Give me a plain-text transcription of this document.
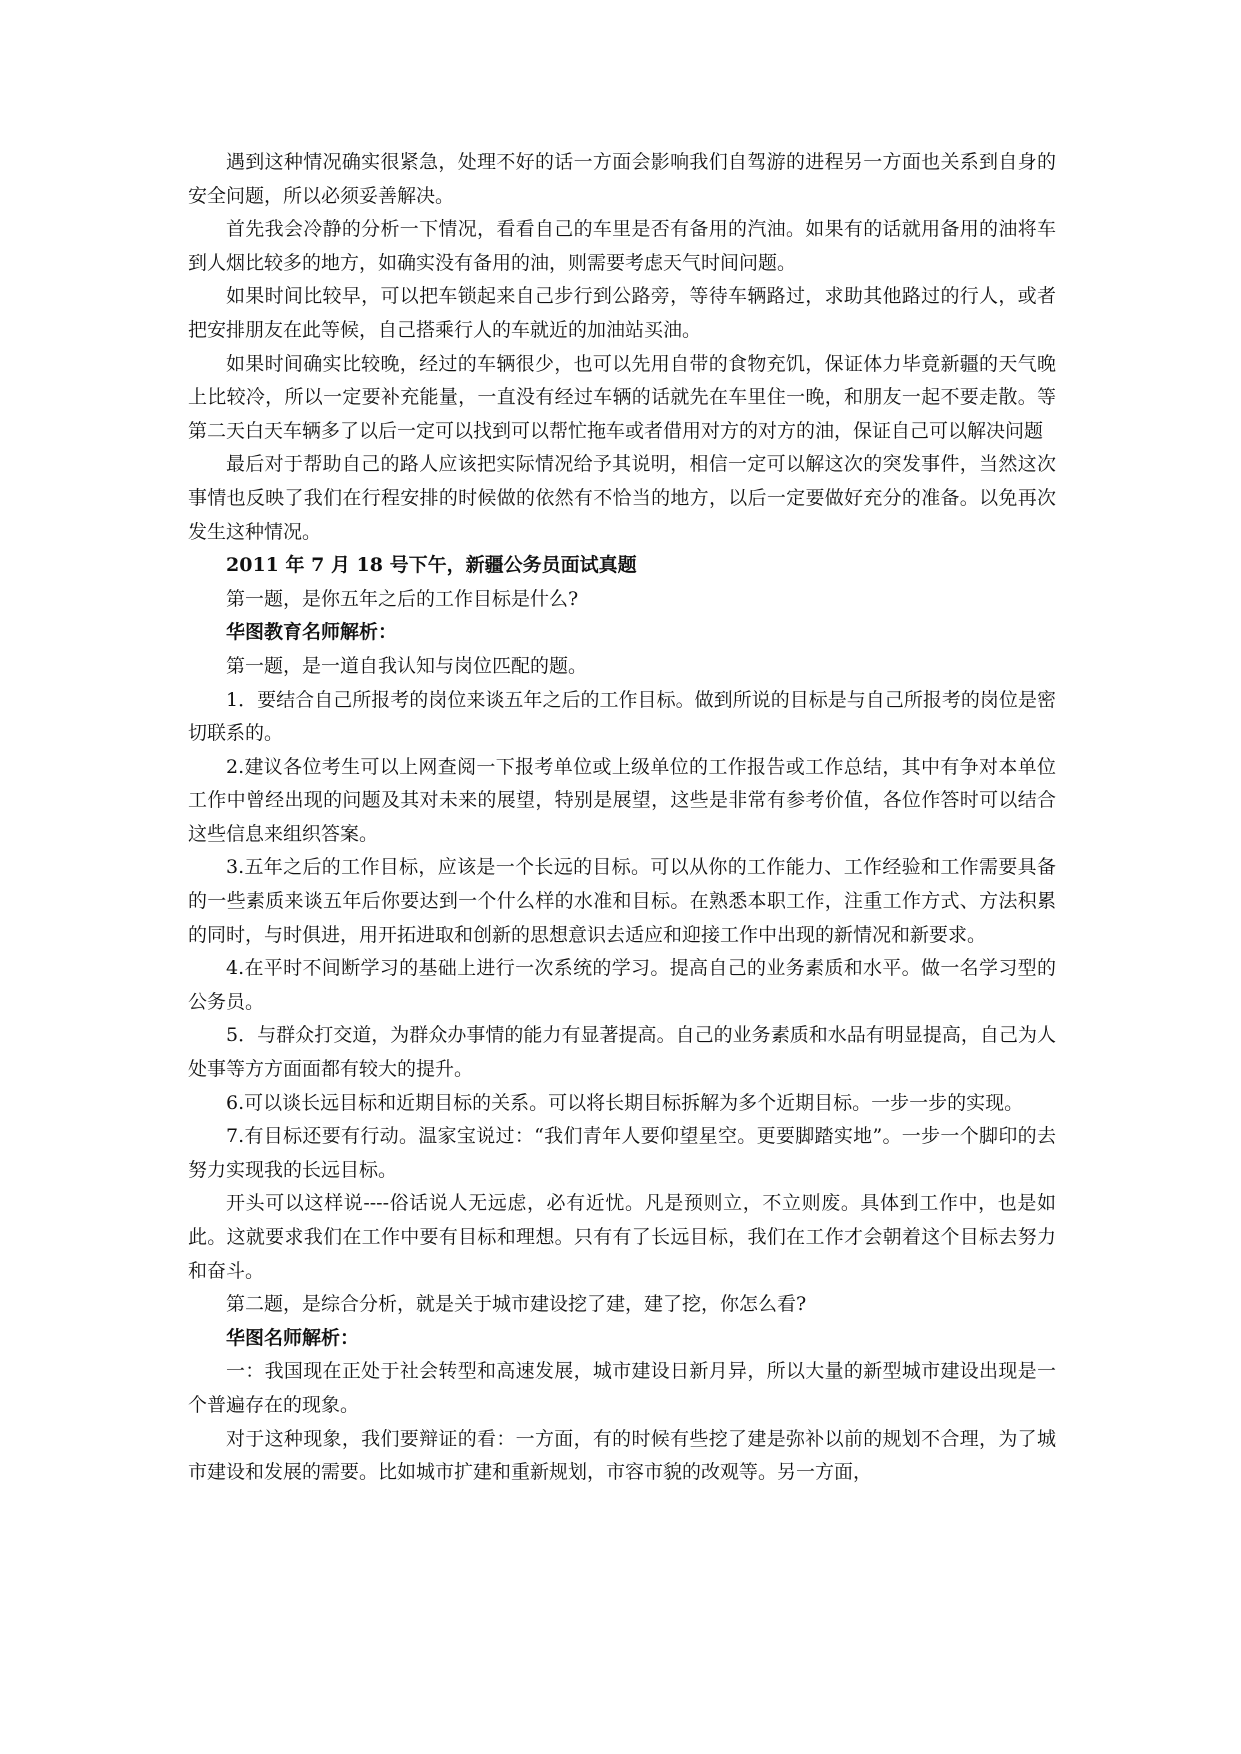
遇到这种情况确实很紧急，处理不好的话一方面会影响我们自驾游的进程另一方面也关系到自身的安全问题，所以必须妥善解决。

首先我会冷静的分析一下情况，看看自己的车里是否有备用的汽油。如果有的话就用备用的油将车到人烟比较多的地方，如确实没有备用的油，则需要考虑天气时间问题。

如果时间比较早，可以把车锁起来自己步行到公路旁，等待车辆路过，求助其他路过的行人，或者把安排朋友在此等候，自己搭乘行人的车就近的加油站买油。

如果时间确实比较晚，经过的车辆很少，也可以先用自带的食物充饥，保证体力毕竟新疆的天气晚上比较冷，所以一定要补充能量，一直没有经过车辆的话就先在车里住一晚，和朋友一起不要走散。等第二天白天车辆多了以后一定可以找到可以帮忙拖车或者借用对方的对方的油，保证自己可以解决问题

最后对于帮助自己的路人应该把实际情况给予其说明，相信一定可以解这次的突发事件，当然这次事情也反映了我们在行程安排的时候做的依然有不恰当的地方，以后一定要做好充分的准备。以免再次发生这种情况。

2011 年 7 月 18 号下午，新疆公务员面试真题

第一题，是你五年之后的工作目标是什么?

华图教育名师解析：

第一题，是一道自我认知与岗位匹配的题。

1．要结合自己所报考的岗位来谈五年之后的工作目标。做到所说的目标是与自己所报考的岗位是密切联系的。

2.建议各位考生可以上网查阅一下报考单位或上级单位的工作报告或工作总结，其中有争对本单位工作中曾经出现的问题及其对未来的展望，特别是展望，这些是非常有参考价值，各位作答时可以结合这些信息来组织答案。

3.五年之后的工作目标，应该是一个长远的目标。可以从你的工作能力、工作经验和工作需要具备的一些素质来谈五年后你要达到一个什么样的水准和目标。在熟悉本职工作，注重工作方式、方法积累的同时，与时俱进，用开拓进取和创新的思想意识去适应和迎接工作中出现的新情况和新要求。

4.在平时不间断学习的基础上进行一次系统的学习。提高自己的业务素质和水平。做一名学习型的公务员。

5．与群众打交道，为群众办事情的能力有显著提高。自己的业务素质和水品有明显提高，自己为人处事等方方面面都有较大的提升。

6.可以谈长远目标和近期目标的关系。可以将长期目标拆解为多个近期目标。一步一步的实现。

7.有目标还要有行动。温家宝说过：“我们青年人要仰望星空。更要脚踏实地”。一步一个脚印的去努力实现我的长远目标。

开头可以这样说----俗话说人无远虑，必有近忧。凡是预则立，不立则废。具体到工作中，也是如此。这就要求我们在工作中要有目标和理想。只有有了长远目标，我们在工作才会朝着这个目标去努力和奋斗。

第二题，是综合分析，就是关于城市建设挖了建，建了挖，你怎么看?

华图名师解析：

一：我国现在正处于社会转型和高速发展，城市建设日新月异，所以大量的新型城市建设出现是一个普遍存在的现象。

对于这种现象，我们要辩证的看：一方面，有的时候有些挖了建是弥补以前的规划不合理，为了城市建设和发展的需要。比如城市扩建和重新规划，市容市貌的改观等。另一方面，
